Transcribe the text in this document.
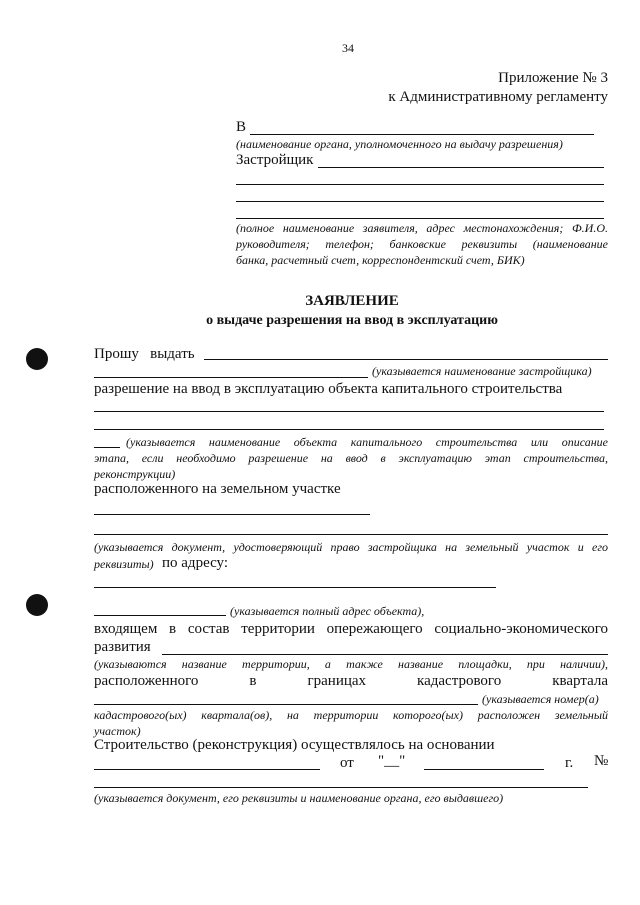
34
Приложение № 3
к Административному регламенту
В
(наименование органа, уполномоченного на выдачу разрешения)
Застройщик
(полное наименование заявителя, адрес местонахождения; Ф.И.О.
руководителя; телефон; банковские реквизиты (наименование
банка, расчетный счет, корреспондентский счет, БИК)
ЗАЯВЛЕНИЕ
о выдаче разрешения на ввод в эксплуатацию
Прошу   выдать
(указывается наименование застройщика)
разрешение на ввод в эксплуатацию объекта капитального строительства
(указывается наименование объекта капитального строительства или описание
этапа, если необходимо разрешение на ввод в эксплуатацию этап строительства,
реконструкции)
расположенного на земельном участке
(указывается документ, удостоверяющий право застройщика на земельный участок и его
реквизиты) по адресу:
(указывается полный адрес объекта),
входящем в состав территории опережающего социально-экономического
развития
(указываются название территории, а также название площадки, при наличии),
расположенного в границах кадастрового квартала
(указывается номер(а)
кадастрового(ых) квартала(ов), на территории которого(ых) расположен земельный
участок)
Строительство (реконструкция) осуществлялось на основании
от "__"	г. №
(указывается документ, его реквизиты и наименование органа, его выдавшего)
